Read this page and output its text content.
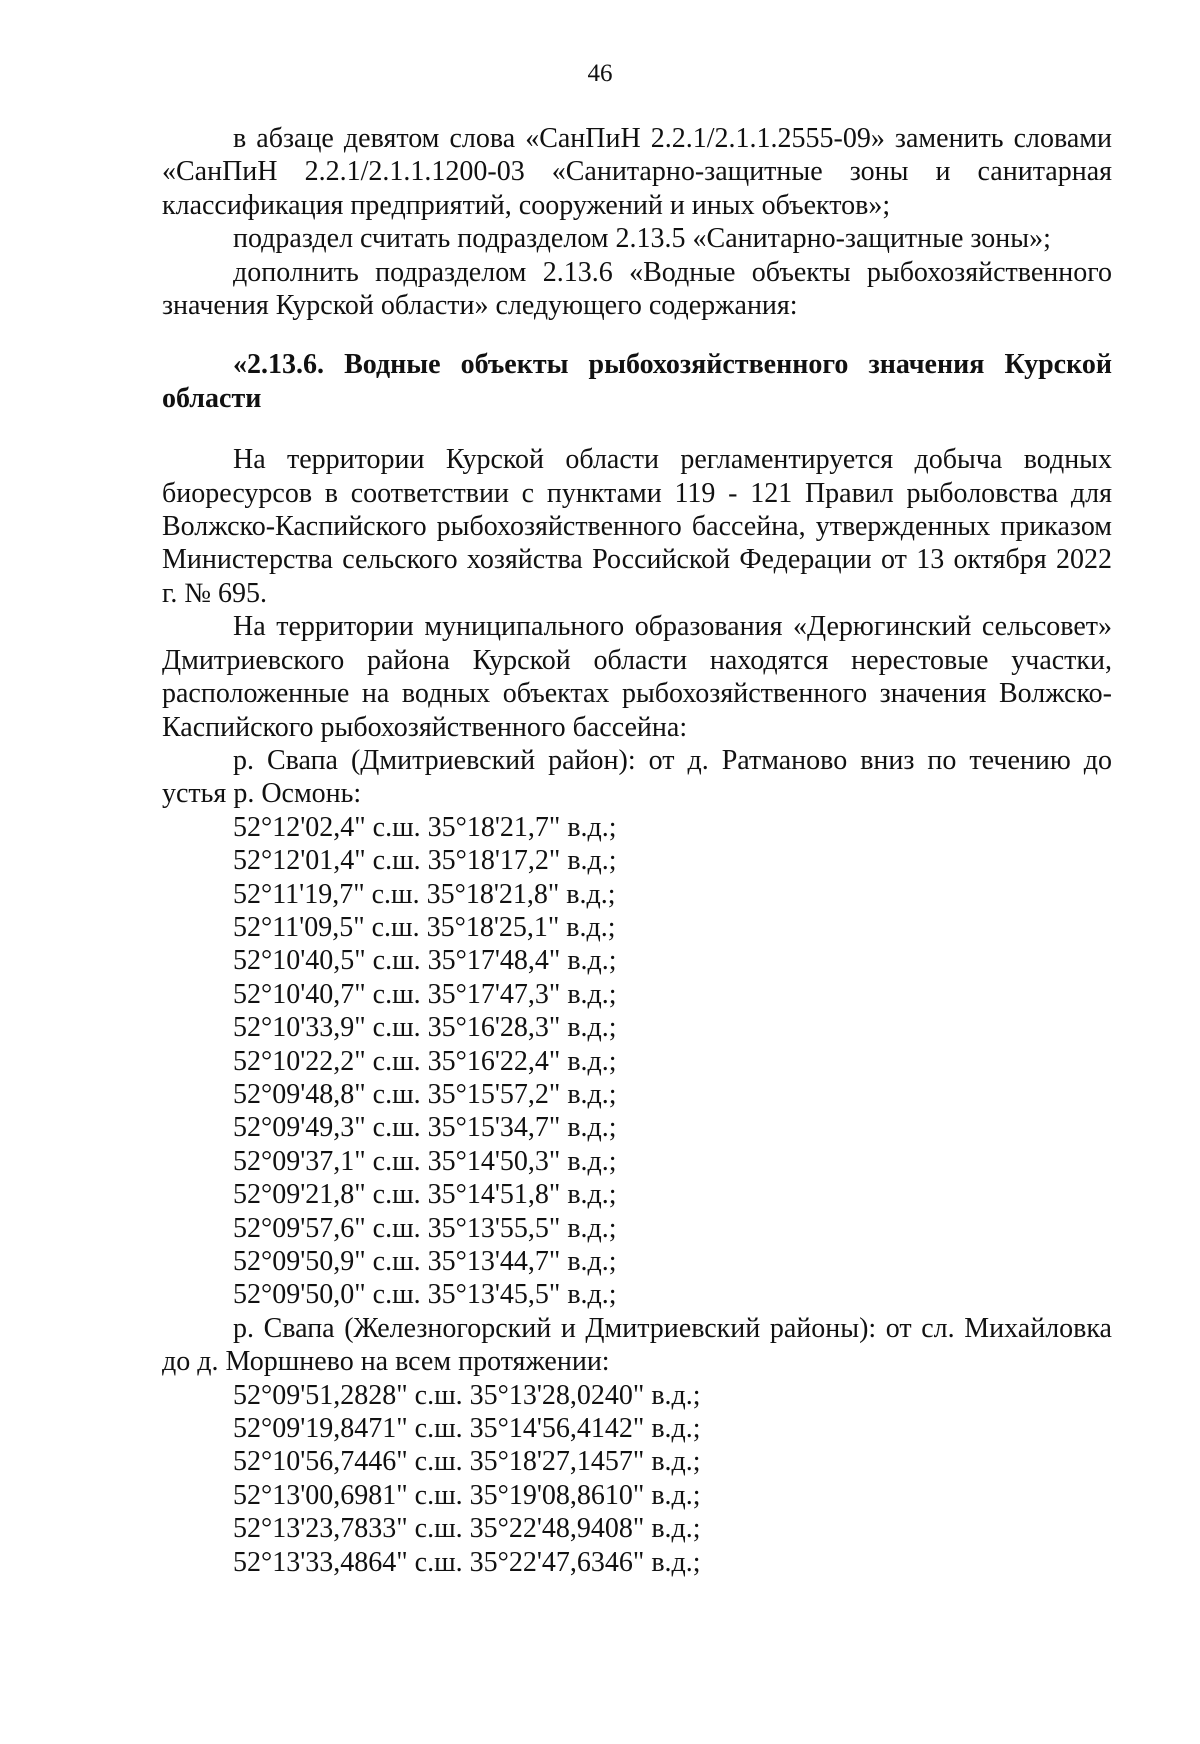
46

в абзаце девятом слова «СанПиН 2.2.1/2.1.1.2555-09» заменить словами «СанПиН 2.2.1/2.1.1.1200-03 «Санитарно-защитные зоны и санитарная классификация предприятий, сооружений и иных объектов»;

подраздел считать подразделом 2.13.5 «Санитарно-защитные зоны»;

дополнить подразделом 2.13.6 «Водные объекты рыбохозяйственного значения Курской области» следующего содержания:

«2.13.6. Водные объекты рыбохозяйственного значения Курской области

На территории Курской области регламентируется добыча водных биоресурсов в соответствии с пунктами 119 - 121 Правил рыболовства для Волжско-Каспийского рыбохозяйственного бассейна, утвержденных приказом Министерства сельского хозяйства Российской Федерации от 13 октября 2022 г. № 695.

На территории муниципального образования «Дерюгинский сельсовет» Дмитриевского района Курской области находятся нерестовые участки, расположенные на водных объектах рыбохозяйственного значения Волжско-Каспийского рыбохозяйственного бассейна:

р. Свапа (Дмитриевский район): от д. Ратманово вниз по течению до устья р. Осмонь:

52°12'02,4" с.ш. 35°18'21,7" в.д.;
52°12'01,4" с.ш. 35°18'17,2" в.д.;
52°11'19,7" с.ш. 35°18'21,8" в.д.;
52°11'09,5" с.ш. 35°18'25,1" в.д.;
52°10'40,5" с.ш. 35°17'48,4" в.д.;
52°10'40,7" с.ш. 35°17'47,3" в.д.;
52°10'33,9" с.ш. 35°16'28,3" в.д.;
52°10'22,2" с.ш. 35°16'22,4" в.д.;
52°09'48,8" с.ш. 35°15'57,2" в.д.;
52°09'49,3" с.ш. 35°15'34,7" в.д.;
52°09'37,1" с.ш. 35°14'50,3" в.д.;
52°09'21,8" с.ш. 35°14'51,8" в.д.;
52°09'57,6" с.ш. 35°13'55,5" в.д.;
52°09'50,9" с.ш. 35°13'44,7" в.д.;
52°09'50,0" с.ш. 35°13'45,5" в.д.;

р. Свапа (Железногорский и Дмитриевский районы): от сл. Михайловка до д. Моршнево на всем протяжении:

52°09'51,2828" с.ш. 35°13'28,0240" в.д.;
52°09'19,8471" с.ш. 35°14'56,4142" в.д.;
52°10'56,7446" с.ш. 35°18'27,1457" в.д.;
52°13'00,6981" с.ш. 35°19'08,8610" в.д.;
52°13'23,7833" с.ш. 35°22'48,9408" в.д.;
52°13'33,4864" с.ш. 35°22'47,6346" в.д.;
